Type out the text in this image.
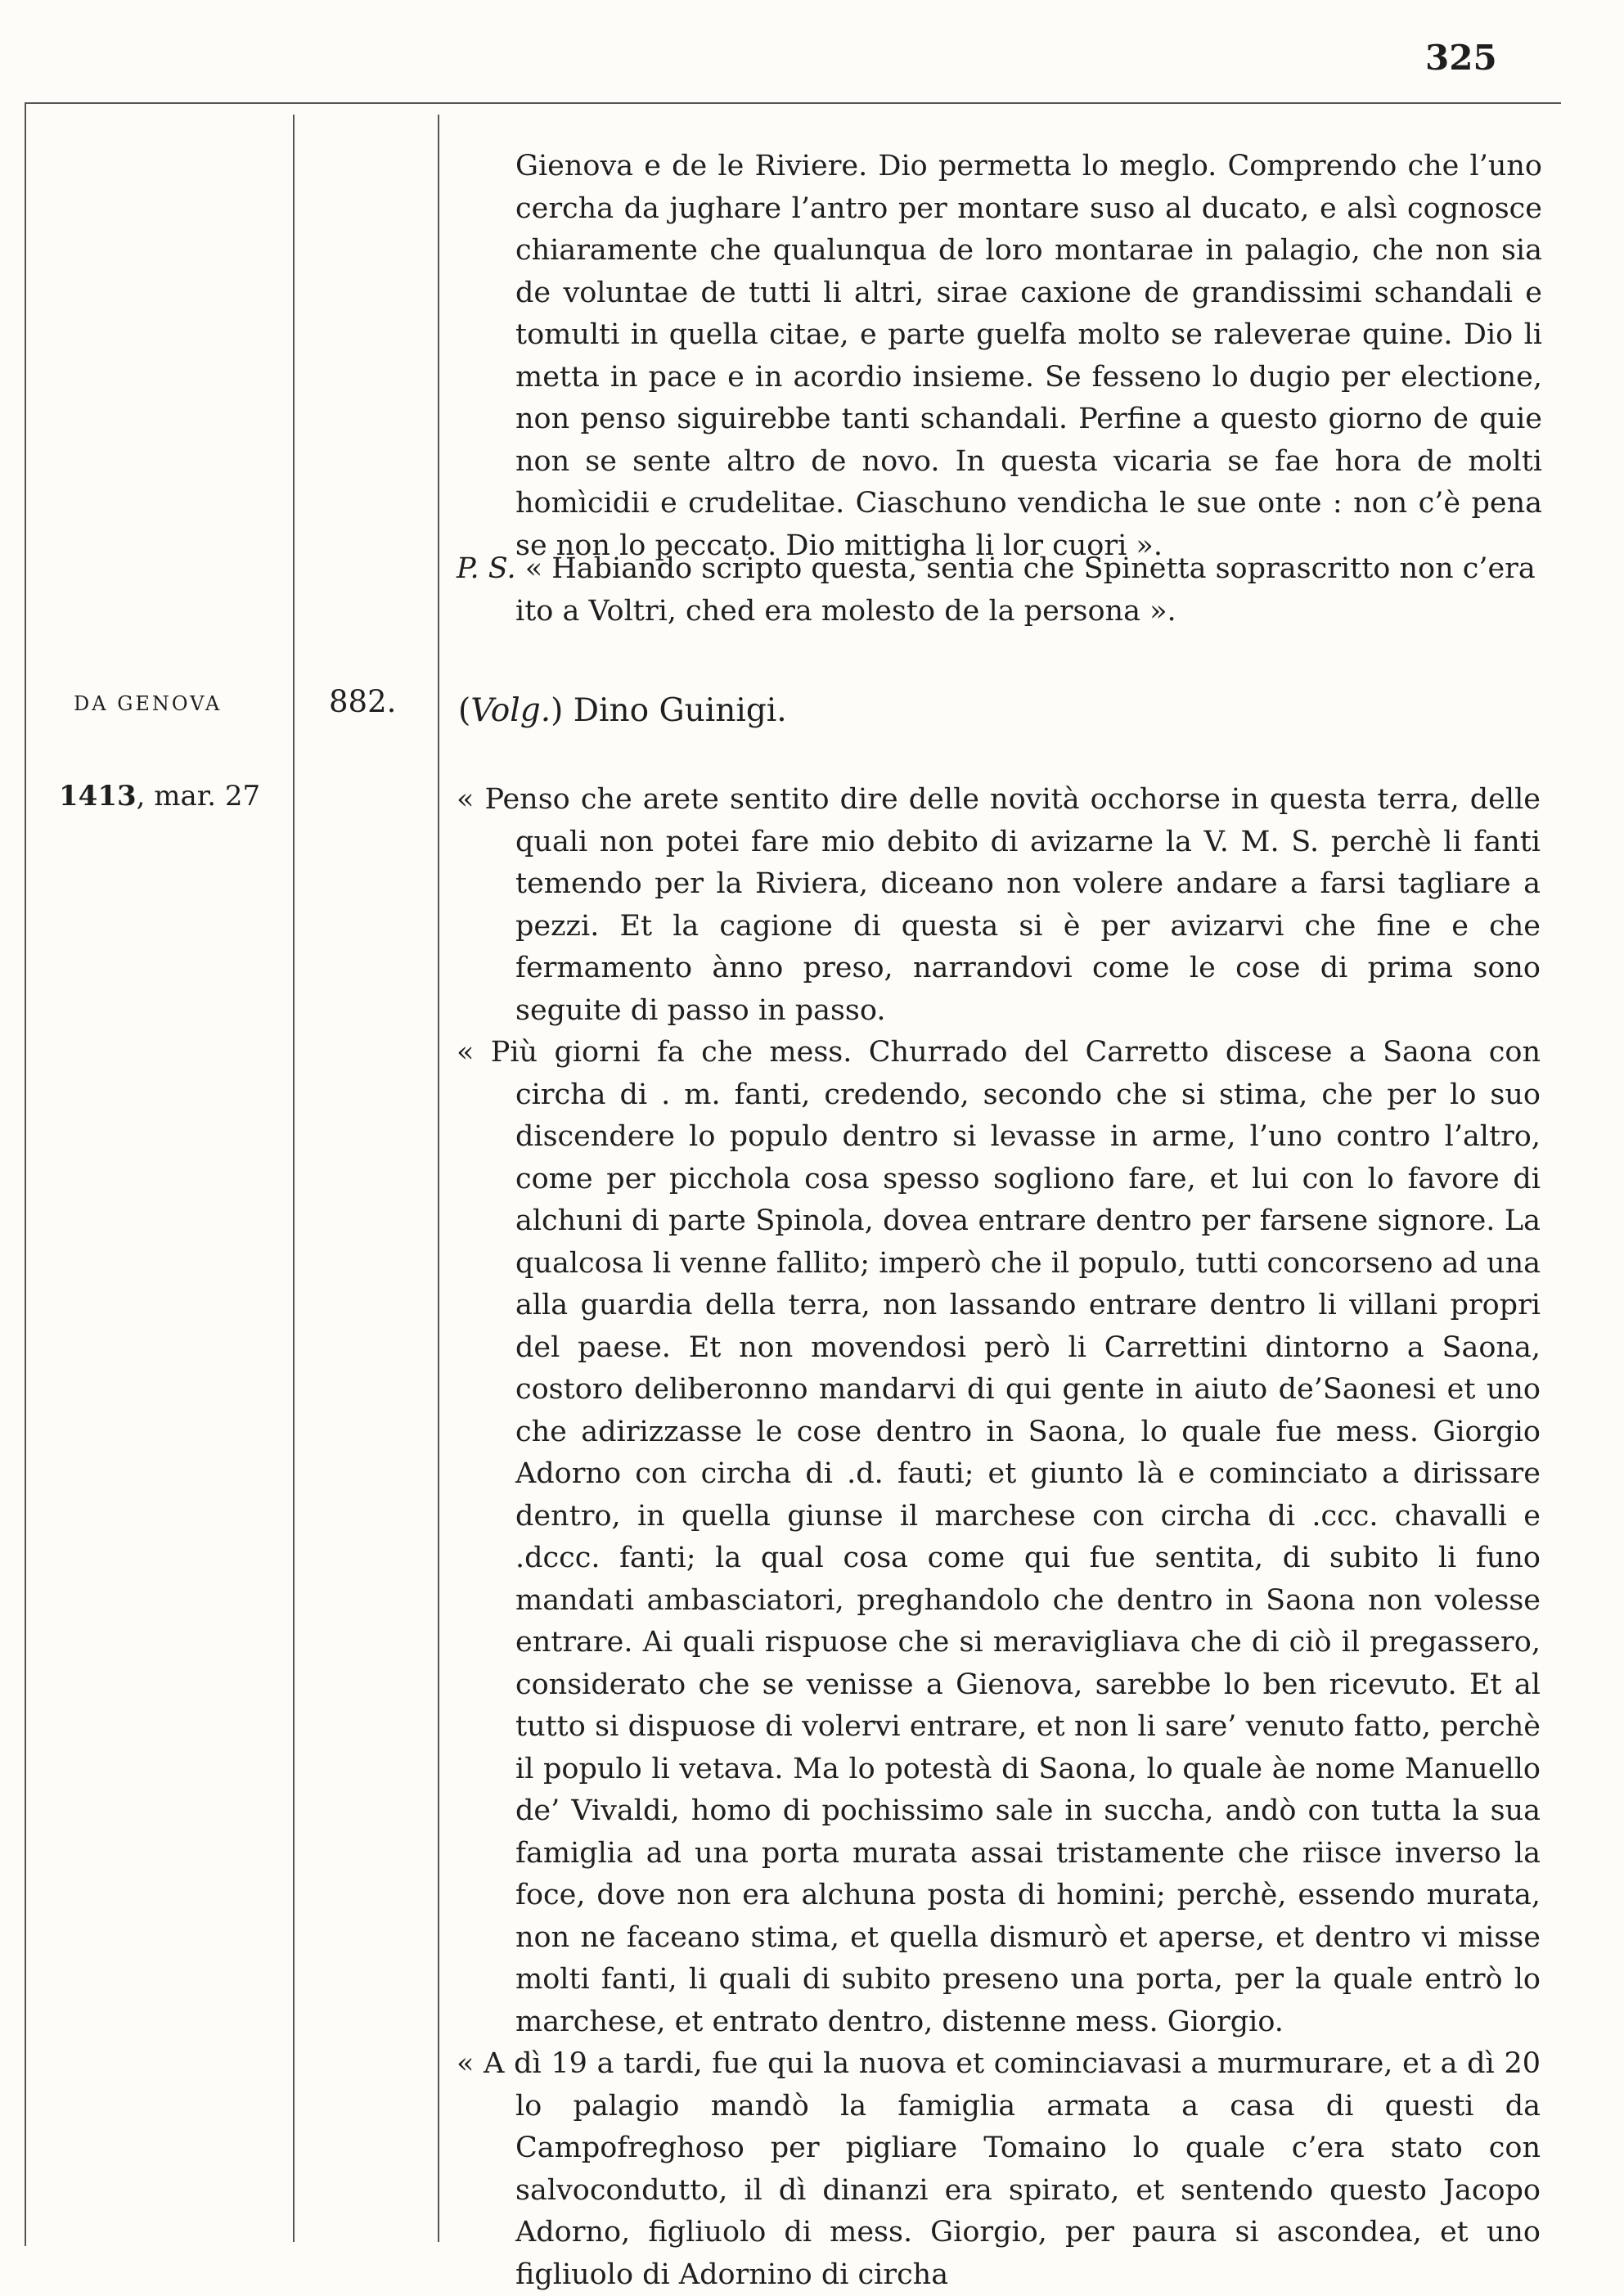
325
Gienova e de le Riviere. Dio permetta lo meglo. Comprendo che l’uno cercha da jughare l’antro per montare suso al ducato, e alsì cognosce chiaramente che qualunqua de loro montarae in palagio, che non sia de voluntae de tutti li altri, sirae caxione de grandissimi schandali e tomulti in quella citae, e parte guelfa molto se raleverae quine. Dio li metta in pace e in acordio insieme. Se fesseno lo dugio per electione, non penso siguirebbe tanti schandali. Perfine a questo giorno de quie non se sente altro de novo. In questa vicaria se fae hora de molti homìcidii e crudelitae. Ciaschuno vendicha le sue onte : non c’è pena se non lo peccato. Dio mittigha li lor cuori ».
P. S. « Habiando scripto questa, sentia che Spinetta soprascritto non c’era ito a Voltri, ched era molesto de la persona ».
DA GENOVA	882. (Volg.) Dino Guinigi.
1413, mar. 27	« Penso che arete sentito dire delle novità occhorse in questa terra, delle quali non potei fare mio debito di avizarne la V. M. S. perchè li fanti temendo per la Riviera, diceano non volere andare a farsi tagliare a pezzi. Et la cagione di questa si è per avizarvi che fine e che fermamento ànno preso, narrandovi come le cose di prima sono seguite di passo in passo.

« Più giorni fa che mess. Churrado del Carretto discese a Saona con circha di . m. fanti, credendo, secondo che si stima, che per lo suo discendere lo populo dentro si levasse in arme, l’uno contro l’altro, come per picchola cosa spesso sogliono fare, et lui con lo favore di alchuni di parte Spinola, dovea entrare dentro per farsene signore. La qualcosa li venne fallito; imperò che il populo, tutti concorseno ad una alla guardia della terra, non lassando entrare dentro li villani propri del paese. Et non movendosi però li Carrettini dintorno a Saona, costoro deliberonno mandarvi di qui gente in aiuto de’Saonesi et uno che adirizzasse le cose dentro in Saona, lo quale fue mess. Giorgio Adorno con circha di .d. fauti; et giunto là e cominciato a dirissare dentro, in quella giunse il marchese con circha di .ccc. chavalli e .dccc. fanti; la qual cosa come qui fue sentita, di subito li funo mandati ambasciatori, preghandolo che dentro in Saona non volesse entrare. Ai quali rispuose che si meravigliava che di ciò il pregassero, considerato che se venisse a Gienova, sarebbe lo ben ricevuto. Et al tutto si dispuose di volervi entrare, et non li sare’ venuto fatto, perchè il populo li vetava. Ma lo potestà di Saona, lo quale àe nome Manuello de’ Vivaldi, homo di pochissimo sale in succha, andò con tutta la sua famiglia ad una porta murata assai tristamente che riisce inverso la foce, dove non era alchuna posta di homini; perchè, essendo murata, non ne faceano stima, et quella dismurò et aperse, et dentro vi misse molti fanti, li quali di subito preseno una porta, per la quale entrò lo marchese, et entrato dentro, distenne mess. Giorgio.

« A dì 19 a tardi, fue qui la nuova et cominciavasi a murmurare, et a dì 20 lo palagio mandò la famiglia armata a casa di questi da Campofreghoso per pigliare Tomaino lo quale c’era stato con salvocondutto, il dì dinanzi era spirato, et sentendo questo Jacopo Adorno, figliuolo di mess. Giorgio, per paura si ascondea, et uno figliuolo di Adornino di circha
